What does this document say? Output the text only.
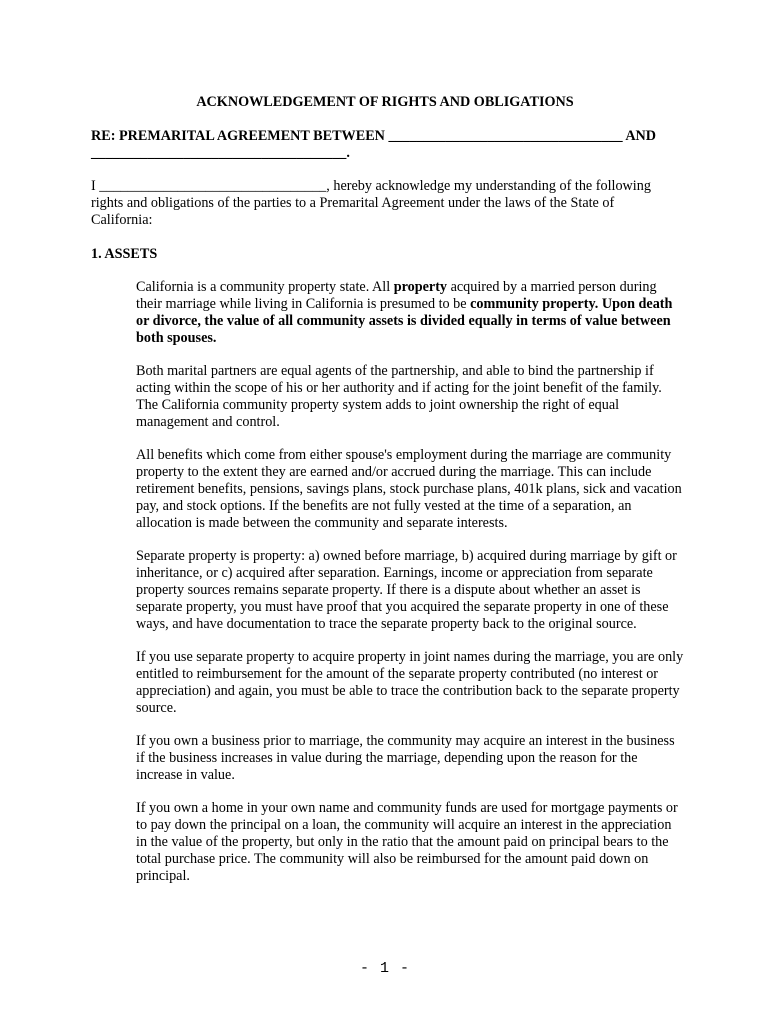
ACKNOWLEDGEMENT OF RIGHTS AND OBLIGATIONS
RE: PREMARITAL AGREEMENT BETWEEN _________________________________ AND
____________________________________.
I ________________________________, hereby acknowledge my understanding of the following rights and obligations of the parties to a Premarital Agreement under the laws of the State of California:
1. ASSETS
California is a community property state. All property acquired by a married person during their marriage while living in California is presumed to be community property. Upon death or divorce, the value of all community assets is divided equally in terms of value between both spouses.
Both marital partners are equal agents of the partnership, and able to bind the partnership if acting within the scope of his or her authority and if acting for the joint benefit of the family. The California community property system adds to joint ownership the right of equal management and control.
All benefits which come from either spouse's employment during the marriage are community property to the extent they are earned and/or accrued during the marriage. This can include retirement benefits, pensions, savings plans, stock purchase plans, 401k plans, sick and vacation pay, and stock options. If the benefits are not fully vested at the time of a separation, an allocation is made between the community and separate interests.
Separate property is property: a) owned before marriage, b) acquired during marriage by gift or inheritance, or c) acquired after separation. Earnings, income or appreciation from separate property sources remains separate property. If there is a dispute about whether an asset is separate property, you must have proof that you acquired the separate property in one of these ways, and have documentation to trace the separate property back to the original source.
If you use separate property to acquire property in joint names during the marriage, you are only entitled to reimbursement for the amount of the separate property contributed (no interest or appreciation) and again, you must be able to trace the contribution back to the separate property source.
If you own a business prior to marriage, the community may acquire an interest in the business if the business increases in value during the marriage, depending upon the reason for the increase in value.
If you own a home in your own name and community funds are used for mortgage payments or to pay down the principal on a loan, the community will acquire an interest in the appreciation in the value of the property, but only in the ratio that the amount paid on principal bears to the total purchase price. The community will also be reimbursed for the amount paid down on principal.
- 1 -
